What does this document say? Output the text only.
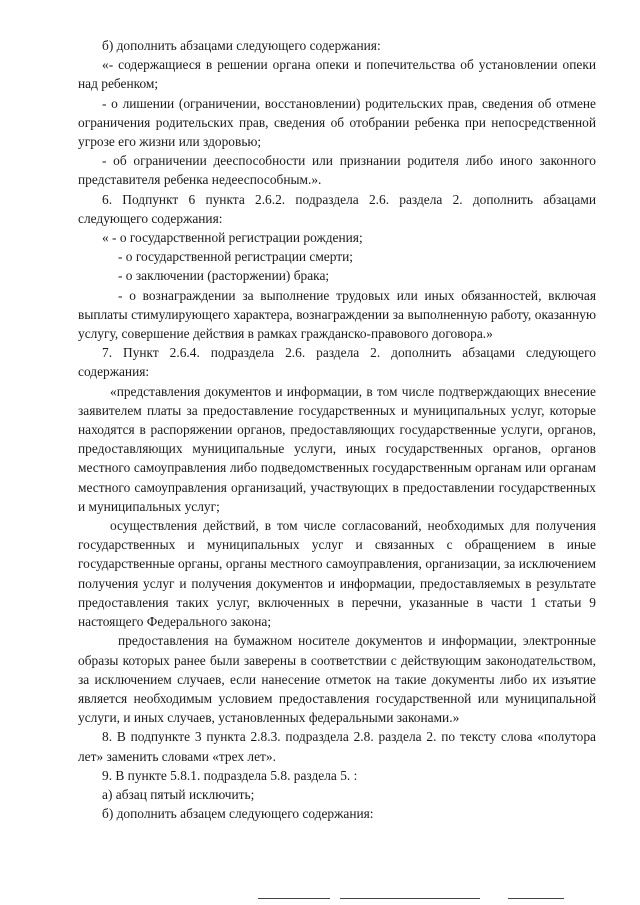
б) дополнить абзацами следующего содержания:

«- содержащиеся в решении органа опеки и попечительства об установлении опеки над ребенком;

- о лишении (ограничении, восстановлении) родительских прав, сведения об отмене ограничения родительских прав, сведения об отобрании ребенка при непосредственной угрозе его жизни или здоровью;

- об ограничении дееспособности или признании родителя либо иного законного представителя ребенка недееспособным.».

6. Подпункт 6 пункта 2.6.2. подраздела 2.6. раздела 2. дополнить абзацами следующего содержания:

« - о государственной регистрации рождения;

- о государственной регистрации смерти;

- о заключении (расторжении) брака;

- о вознаграждении за выполнение трудовых или иных обязанностей, включая выплаты стимулирующего характера, вознаграждении за выполненную работу, оказанную услугу, совершение действия в рамках гражданско-правового договора.»

7. Пункт 2.6.4. подраздела 2.6. раздела 2. дополнить абзацами следующего содержания:

«представления документов и информации, в том числе подтверждающих внесение заявителем платы за предоставление государственных и муниципальных услуг, которые находятся в распоряжении органов, предоставляющих государственные услуги, органов, предоставляющих муниципальные услуги, иных государственных органов, органов местного самоуправления либо подведомственных государственным органам или органам местного самоуправления организаций, участвующих в предоставлении государственных и муниципальных услуг;

осуществления действий, в том числе согласований, необходимых для получения государственных и муниципальных услуг и связанных с обращением в иные государственные органы, органы местного самоуправления, организации, за исключением получения услуг и получения документов и информации, предоставляемых в результате предоставления таких услуг, включенных в перечни, указанные в части 1 статьи 9 настоящего Федерального закона;

предоставления на бумажном носителе документов и информации, электронные образы которых ранее были заверены в соответствии с действующим законодательством, за исключением случаев, если нанесение отметок на такие документы либо их изъятие является необходимым условием предоставления государственной или муниципальной услуги, и иных случаев, установленных федеральными законами.»

8. В подпункте 3 пункта 2.8.3. подраздела 2.8. раздела 2. по тексту слова «полутора лет» заменить словами «трех лет».

9. В пункте 5.8.1. подраздела 5.8. раздела 5. :

а) абзац пятый исключить;

б) дополнить абзацем следующего содержания:
